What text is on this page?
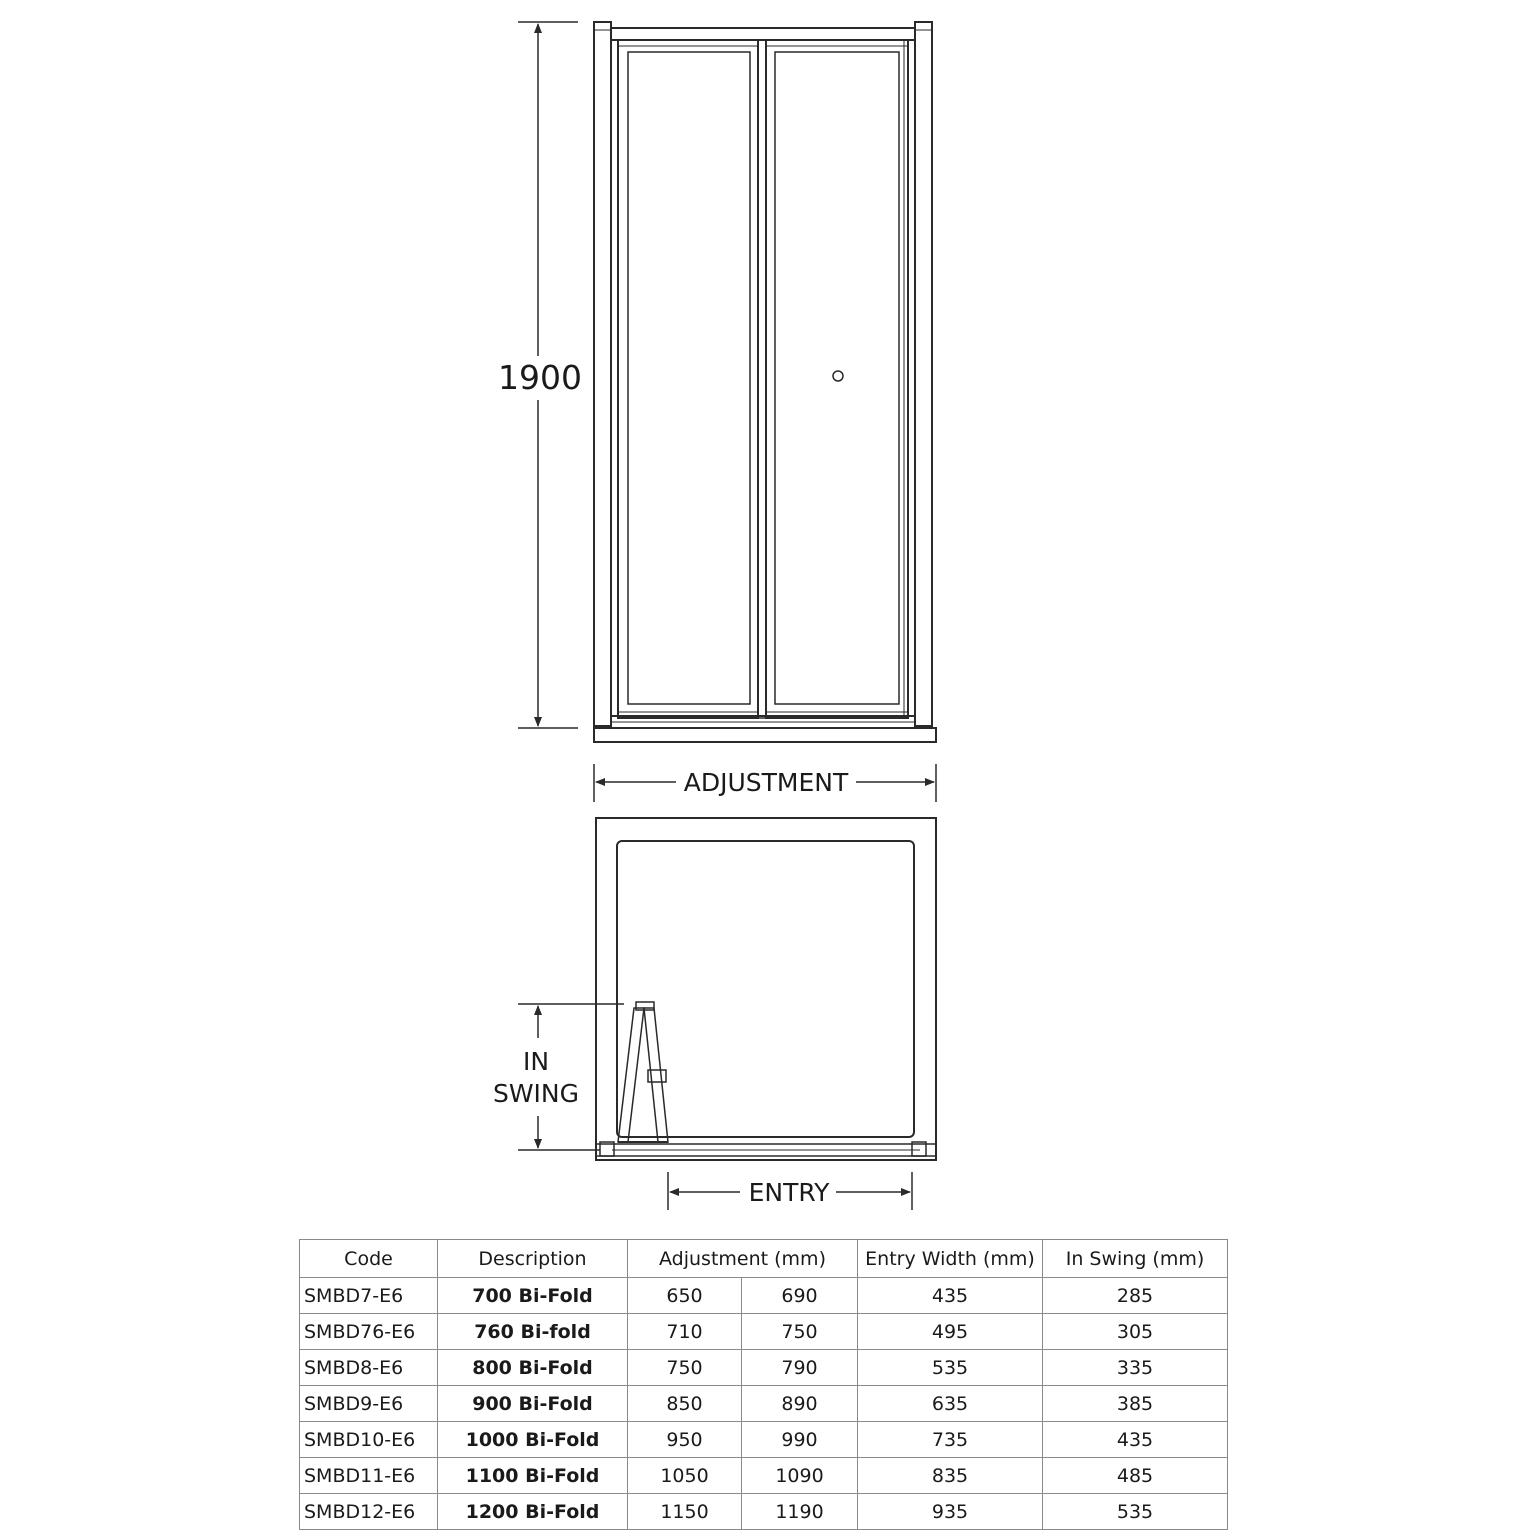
1900
ADJUSTMENT
IN
SWING
ENTRY
Code	Description	Adjustment (mm)		Entry Width (mm)	In Swing (mm)
SMBD7-E6	700 Bi-Fold	650	690	435	285
SMBD76-E6	760 Bi-fold	710	750	495	305
SMBD8-E6	800 Bi-Fold	750	790	535	335
SMBD9-E6	900 Bi-Fold	850	890	635	385
SMBD10-E6	1000 Bi-Fold	950	990	735	435
SMBD11-E6	1100 Bi-Fold	1050	1090	835	485
SMBD12-E6	1200 Bi-Fold	1150	1190	935	535
